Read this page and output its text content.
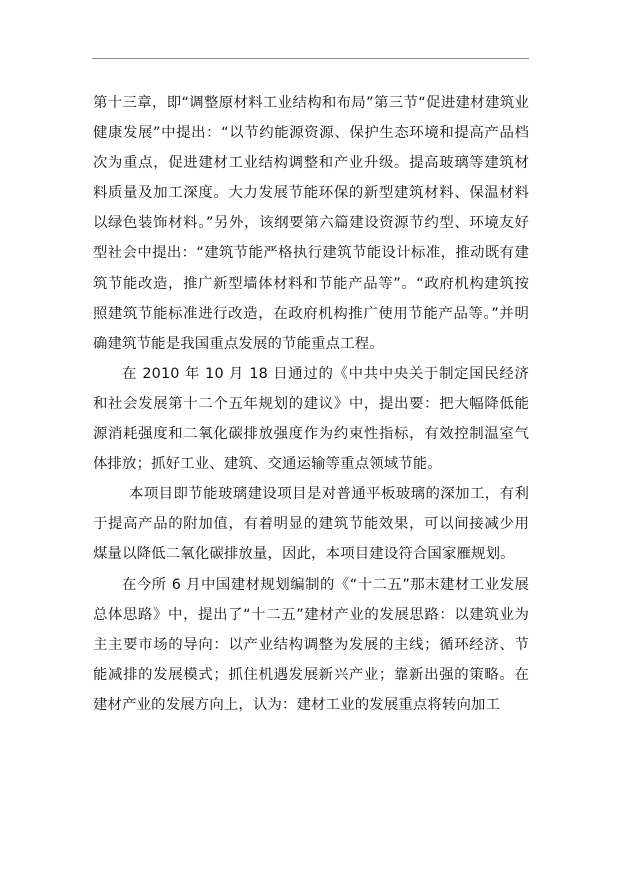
第十三章，即“调整原材料工业结构和布局”第三节“促进建材建筑业健康发展”中提出：“以节约能源资源、保护生态环境和提高产品档次为重点，促进建材工业结构调整和产业升级。提高玻璃等建筑材料质量及加工深度。大力发展节能环保的新型建筑材料、保温材料以绿色装饰材料。”另外，该纲要第六篇建设资源节约型、环境友好型社会中提出：“建筑节能严格执行建筑节能设计标准，推动既有建筑节能改造，推广新型墙体材料和节能产品等”。“政府机构建筑按照建筑节能标准进行改造，在政府机构推广使用节能产品等。”并明确建筑节能是我国重点发展的节能重点工程。

在 2010 年 10 月 18 日通过的《中共中央关于制定国民经济和社会发展第十二个五年规划的建议》中，提出要：把大幅降低能源消耗强度和二氧化碳排放强度作为约束性指标，有效控制温室气体排放；抓好工业、建筑、交通运输等重点领域节能。

本项目即节能玻璃建设项目是对普通平板玻璃的深加工，有利于提高产品的附加值，有着明显的建筑节能效果，可以间接减少用煤量以降低二氧化碳排放量，因此，本项目建设符合国家雁规划。

在今所 6 月中国建材规划编制的《“十二五”那末建材工业发展总体思路》中，提出了“十二五”建材产业的发展思路：以建筑业为主主要市场的导向：以产业结构调整为发展的主线；循环经济、节能减排的发展模式；抓住机遇发展新兴产业；靠新出强的策略。在建材产业的发展方向上，认为：建材工业的发展重点将转向加工
